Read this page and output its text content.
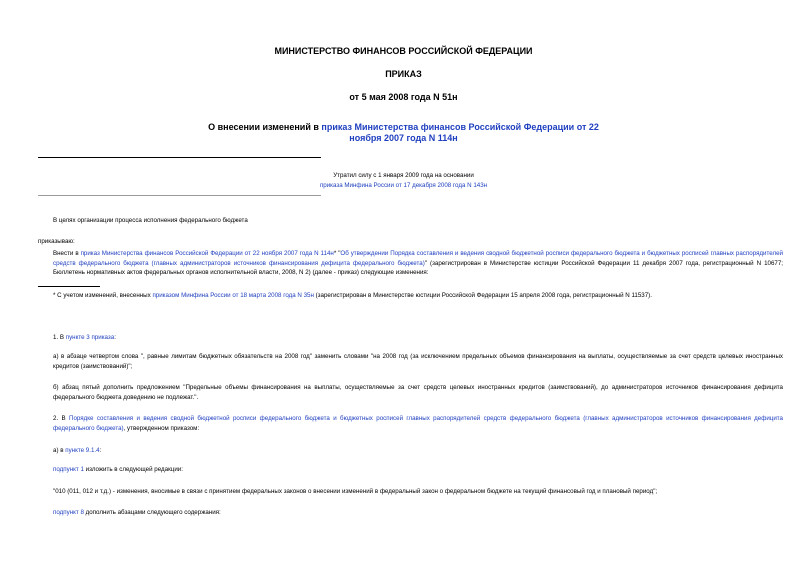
МИНИСТЕРСТВО ФИНАНСОВ РОССИЙСКОЙ ФЕДЕРАЦИИ
ПРИКАЗ
от 5 мая 2008 года N 51н
О внесении изменений в приказ Министерства финансов Российской Федерации от 22 ноября 2007 года N 114н
Утратил силу с 1 января 2009 года на основании
приказа Минфина России от 17 декабря 2008 года N 143н
В целях организации процесса исполнения федерального бюджета
приказываю:
Внести в приказ Министерства финансов Российской Федерации от 22 ноября 2007 года N 114н* "Об утверждении Порядка составления и ведения сводной бюджетной росписи федерального бюджета и бюджетных росписей главных распорядителей средств федерального бюджета (главных администраторов источников финансирования дефицита федерального бюджета)" (зарегистрирован в Министерстве юстиции Российской Федерации 11 декабря 2007 года, регистрационный N 10677; Бюллетень нормативных актов федеральных органов исполнительной власти, 2008, N 2) (далее - приказ) следующие изменения:
* С учетом изменений, внесенных приказом Минфина России от 18 марта 2008 года N 35н (зарегистрирован в Министерстве юстиции Российской Федерации 15 апреля 2008 года, регистрационный N 11537).
1. В пункте 3 приказа:
а) в абзаце четвертом слова ", равные лимитам бюджетных обязательств на 2008 год" заменить словами "на 2008 год (за исключением предельных объемов финансирования на выплаты, осуществляемые за счет средств целевых иностранных кредитов (заимствований)";
б) абзац пятый дополнить предложением "Предельные объемы финансирования на выплаты, осуществляемые за счет средств целевых иностранных кредитов (заимствований), до администраторов источников финансирования дефицита федерального бюджета доведению не подлежат.".
2. В Порядке составления и ведения сводной бюджетной росписи федерального бюджета и бюджетных росписей главных распорядителей средств федерального бюджета (главных администраторов источников финансирования дефицита федерального бюджета), утвержденном приказом:
а) в пункте 9.1.4:
подпункт 1 изложить в следующей редакции:
"010 (011, 012 и т.д.) - изменения, вносимые в связи с принятием федеральных законов о внесении изменений в федеральный закон о федеральном бюджете на текущий финансовый год и плановый период";
подпункт 8 дополнить абзацами следующего содержания:
